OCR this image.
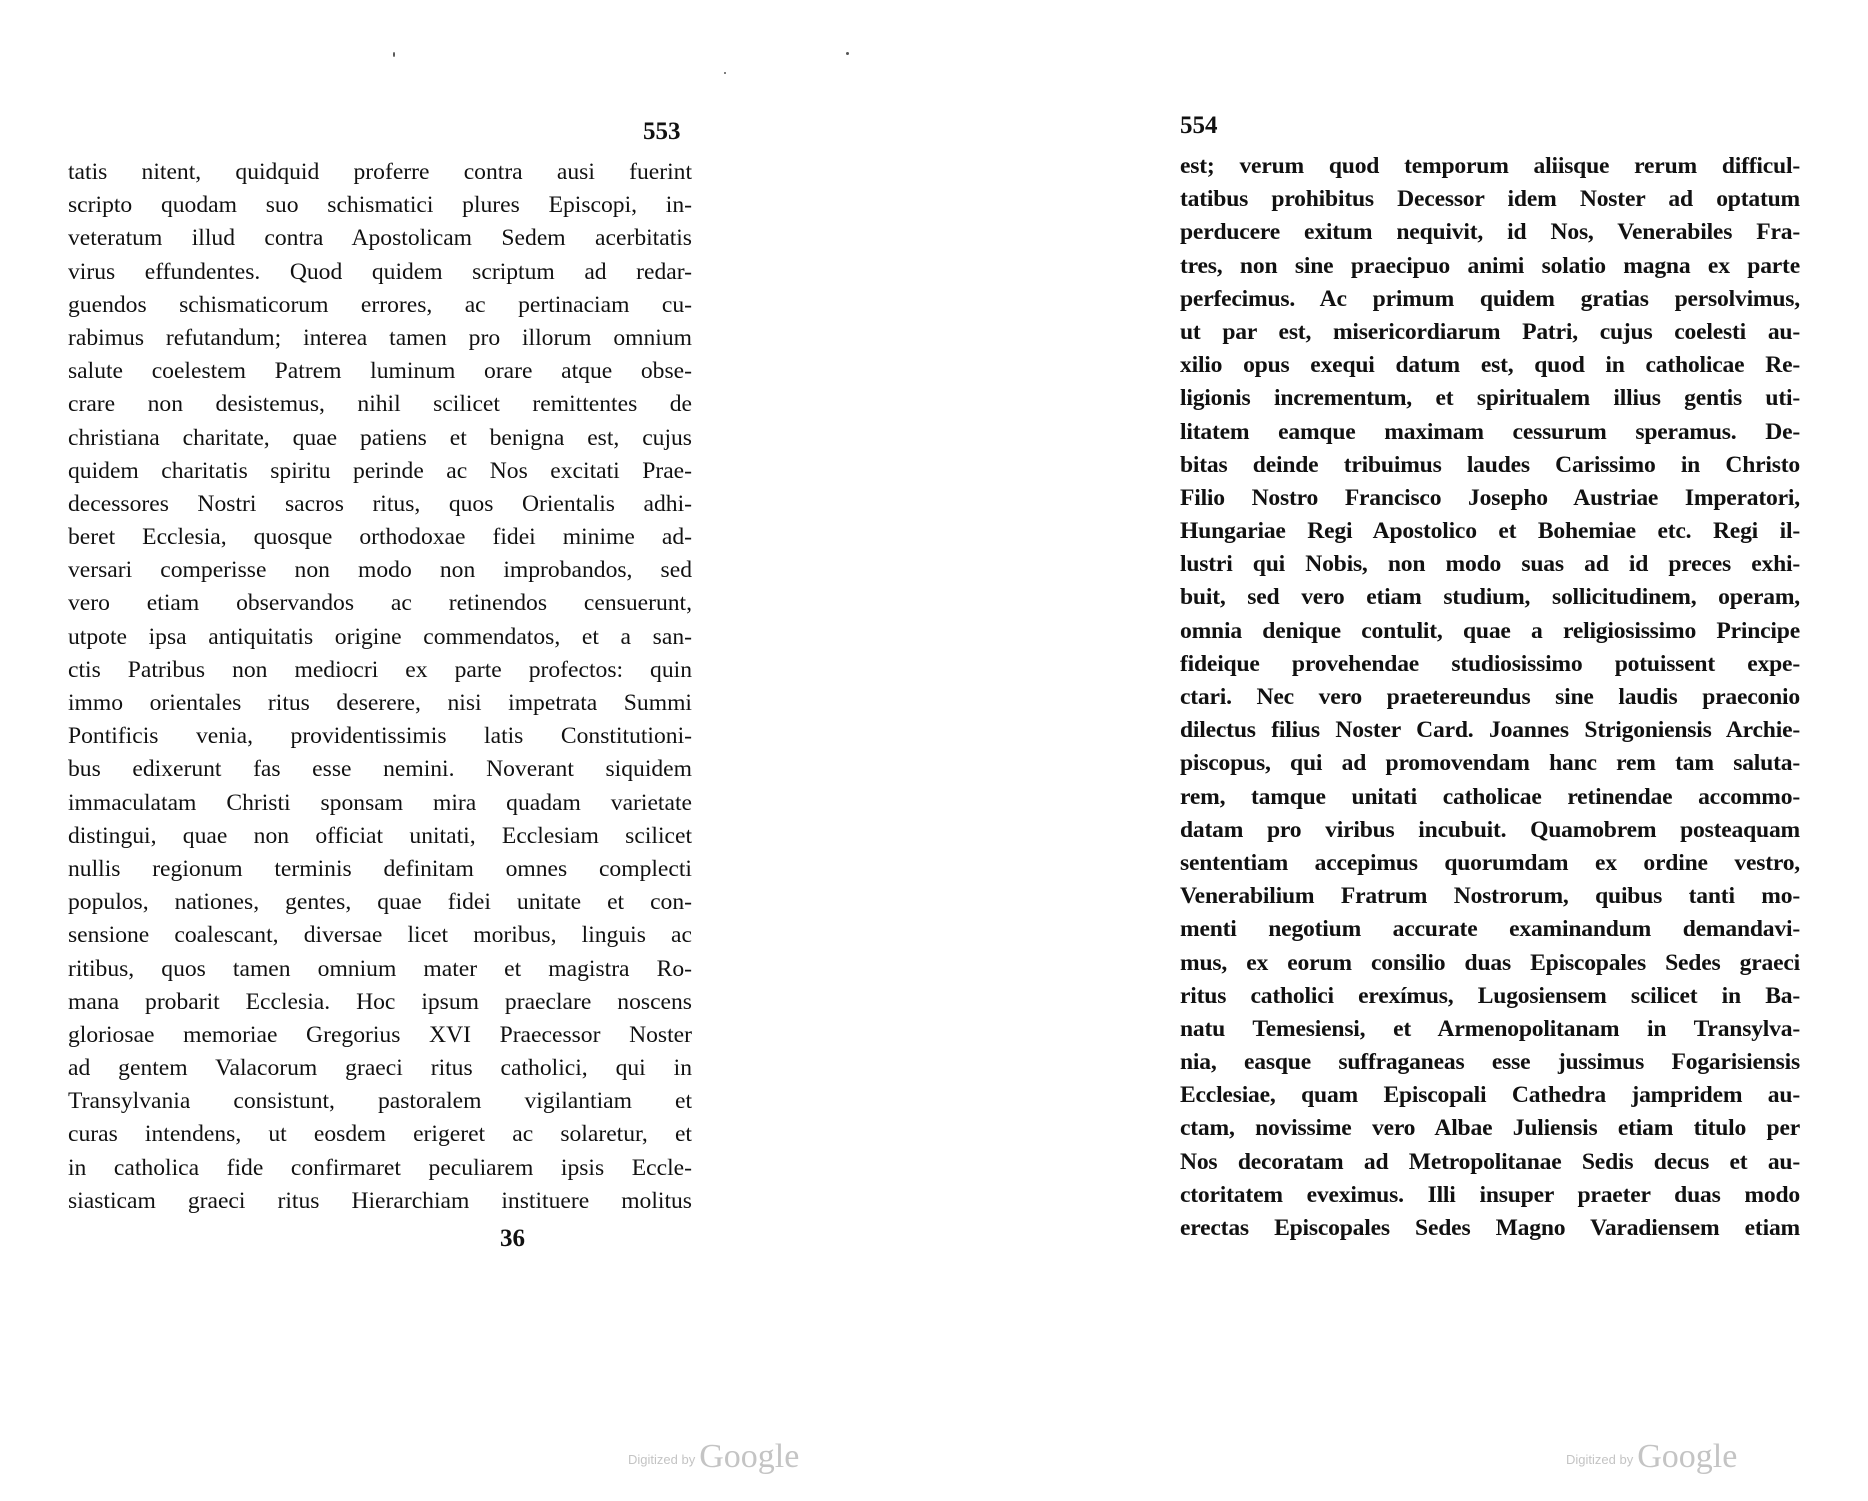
553
tatis nitent, quidquid proferre contra ausi fuerint
scripto quodam suo schismatici plures Episcopi, in-
veteratum illud contra Apostolicam Sedem acerbitatis
virus effundentes. Quod quidem scriptum ad redar-
guendos schismaticorum errores, ac pertinaciam cu-
rabimus refutandum; interea tamen pro illorum omnium
salute coelestem Patrem luminum orare atque obse-
crare non desistemus, nihil scilicet remittentes de
christiana charitate, quae patiens et benigna est, cujus
quidem charitatis spiritu perinde ac Nos excitati Prae-
decessores Nostri sacros ritus, quos Orientalis adhi-
beret Ecclesia, quosque orthodoxae fidei minime ad-
versari comperisse non modo non improbandos, sed
vero etiam observandos ac retinendos censuerunt,
utpote ipsa antiquitatis origine commendatos, et a san-
ctis Patribus non mediocri ex parte profectos: quin
immo orientales ritus deserere, nisi impetrata Summi
Pontificis venia, providentissimis latis Constitutioni-
bus edixerunt fas esse nemini. Noverant siquidem
immaculatam Christi sponsam mira quadam varietate
distingui, quae non officiat unitati, Ecclesiam scilicet
nullis regionum terminis definitam omnes complecti
populos, nationes, gentes, quae fidei unitate et con-
sensione coalescant, diversae licet moribus, linguis ac
ritibus, quos tamen omnium mater et magistra Ro-
mana probarit Ecclesia. Hoc ipsum praeclare noscens
gloriosae memoriae Gregorius XVI Praecessor Noster
ad gentem Valacorum graeci ritus catholici, qui in
Transylvania consistunt, pastoralem vigilantiam et
curas intendens, ut eosdem erigeret ac solaretur, et
in catholica fide confirmaret peculiarem ipsis Eccle-
siasticam graeci ritus Hierarchiam instituere molitus
36
Digitized by Google
554
est; verum quod temporum aliisque rerum difficul-
tatibus prohibitus Decessor idem Noster ad optatum
perducere exitum nequivit, id Nos, Venerabiles Fra-
tres, non sine praecipuo animi solatio magna ex parte
perfecimus. Ac primum quidem gratias persolvimus,
ut par est, misericordiarum Patri, cujus coelesti au-
xilio opus exequi datum est, quod in catholicae Re-
ligionis incrementum, et spiritualem illius gentis uti-
litatem eamque maximam cessurum speramus. De-
bitas deinde tribuimus laudes Carissimo in Christo
Filio Nostro Francisco Josepho Austriae Imperatori,
Hungariae Regi Apostolico et Bohemiae etc. Regi il-
lustri qui Nobis, non modo suas ad id preces exhi-
buit, sed vero etiam studium, sollicitudinem, operam,
omnia denique contulit, quae a religiosissimo Principe
fideique provehendae studiosissimo potuissent expe-
ctari. Nec vero praetereundus sine laudis praeconio
dilectus filius Noster Card. Joannes Strigoniensis Archie-
piscopus, qui ad promovendam hanc rem tam saluta-
rem, tamque unitati catholicae retinendae accommo-
datam pro viribus incubuit. Quamobrem posteaquam
sententiam accepimus quorumdam ex ordine vestro,
Venerabilium Fratrum Nostrorum, quibus tanti mo-
menti negotium accurate examinandum demandavi-
mus, ex eorum consilio duas Episcopales Sedes graeci
ritus catholici erexímus, Lugosiensem scilicet in Ba-
natu Temesiensi, et Armenopolitanam in Transylva-
nia, easque suffraganeas esse jussimus Fogarisiensis
Ecclesiae, quam Episcopali Cathedra jampridem au-
ctam, novissime vero Albae Juliensis etiam titulo per
Nos decoratam ad Metropolitanae Sedis decus et au-
ctoritatem eveximus. Illi insuper praeter duas modo
erectas Episcopales Sedes Magno Varadiensem etiam
Digitized by Google
